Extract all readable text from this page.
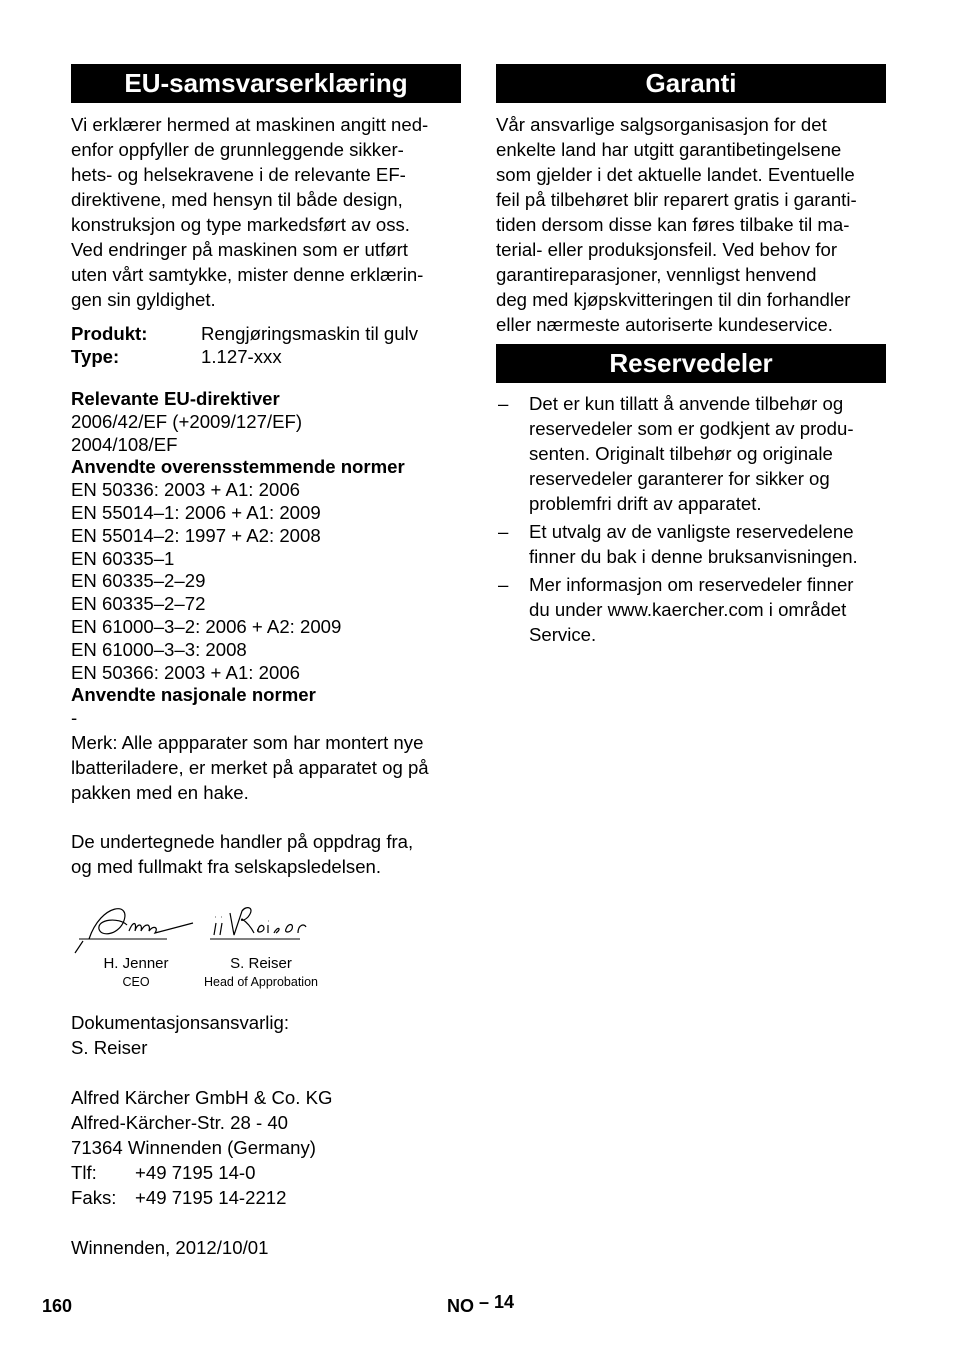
EU-samsvarserklæring

Vi erklærer hermed at maskinen angitt ned-
enfor oppfyller de grunnleggende sikker-
hets- og helsekravene i de relevante EF-
direktivene, med hensyn til både design,
konstruksjon og type markedsført av oss.
Ved endringer på maskinen som er utført
uten vårt samtykke, mister denne erklærin-
gen sin gyldighet.

Produkt:	Rengjøringsmaskin til gulv
Type:	1.127-xxx
Relevante EU-direktiver
2006/42/EF (+2009/127/EF)
2004/108/EF
Anvendte overensstemmende normer
EN 50336: 2003 + A1: 2006
EN 55014–1: 2006 + A1: 2009
EN 55014–2: 1997 + A2: 2008
EN 60335–1
EN 60335–2–29
EN 60335–2–72
EN 61000–3–2: 2006 + A2: 2009
EN 61000–3–3: 2008
EN 50366: 2003 + A1: 2006
Anvendte nasjonale normer
-
Merk: Alle appparater som har montert nye
lbatteriladere, er merket på apparatet og på
pakken med en hake.

De undertegnede handler på oppdrag fra,
og med fullmakt fra selskapsledelsen.

H. Jenner
CEO
S. Reiser
Head of Approbation

Dokumentasjonsansvarlig:
S. Reiser

Alfred Kärcher GmbH & Co. KG
Alfred-Kärcher-Str. 28 - 40
71364 Winnenden (Germany)
Tlf:	+49 7195 14-0
Faks:	+49 7195 14-2212

Winnenden, 2012/10/01

Garanti

Vår ansvarlige salgsorganisasjon for det
enkelte land har utgitt garantibetingelsene
som gjelder i det aktuelle landet. Eventuelle
feil på tilbehøret blir reparert gratis i garanti-
tiden dersom disse kan føres tilbake til ma-
terial- eller produksjonsfeil. Ved behov for
garantireparasjoner, vennligst henvend
deg med kjøpskvitteringen til din forhandler
eller nærmeste autoriserte kundeservice.

Reservedeler
– Det er kun tillatt å anvende tilbehør og
reservedeler som er godkjent av produ-
senten. Originalt tilbehør og originale
reservedeler garanterer for sikker og
problemfri drift av apparatet.
– Et utvalg av de vanligste reservedelene
finner du bak i denne bruksanvisningen.
– Mer informasjon om reservedeler finner
du under www.kaercher.com i området
Service.
160	NO – 14
